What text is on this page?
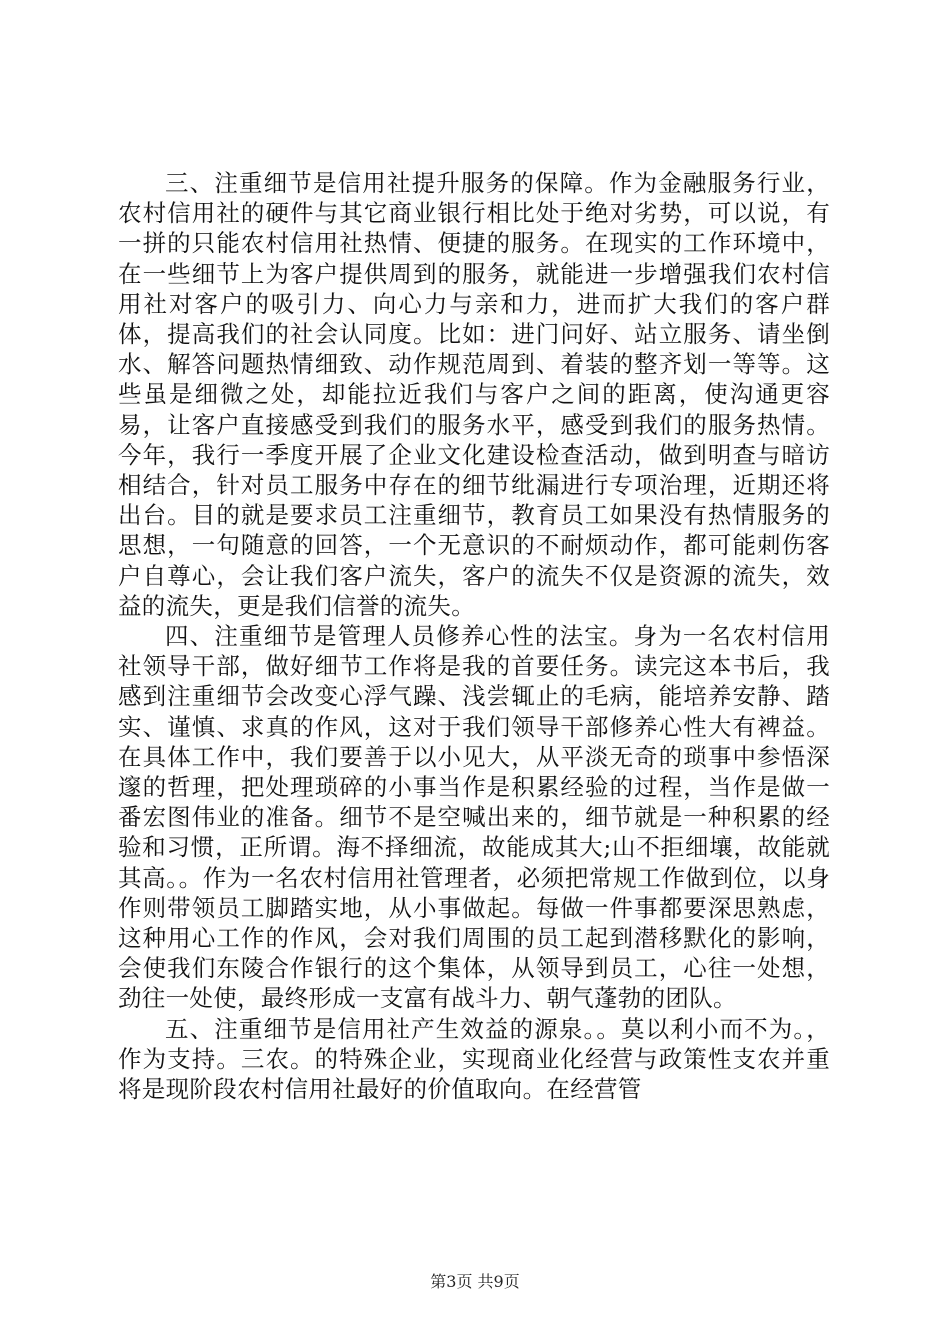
三、注重细节是信用社提升服务的保障。作为金融服务行业，农村信用社的硬件与其它商业银行相比处于绝对劣势，可以说，有一拼的只能农村信用社热情、便捷的服务。在现实的工作环境中，在一些细节上为客户提供周到的服务，就能进一步增强我们农村信用社对客户的吸引力、向心力与亲和力，进而扩大我们的客户群体，提高我们的社会认同度。比如：进门问好、站立服务、请坐倒水、解答问题热情细致、动作规范周到、着装的整齐划一等等。这些虽是细微之处，却能拉近我们与客户之间的距离，使沟通更容易，让客户直接感受到我们的服务水平，感受到我们的服务热情。今年，我行一季度开展了企业文化建设检查活动，做到明查与暗访相结合，针对员工服务中存在的细节纰漏进行专项治理，近期还将出台。目的就是要求员工注重细节，教育员工如果没有热情服务的思想，一句随意的回答，一个无意识的不耐烦动作，都可能刺伤客户自尊心，会让我们客户流失，客户的流失不仅是资源的流失，效益的流失，更是我们信誉的流失。

四、注重细节是管理人员修养心性的法宝。身为一名农村信用社领导干部，做好细节工作将是我的首要任务。读完这本书后，我感到注重细节会改变心浮气躁、浅尝辄止的毛病，能培养安静、踏实、谨慎、求真的作风，这对于我们领导干部修养心性大有裨益。在具体工作中，我们要善于以小见大，从平淡无奇的琐事中参悟深邃的哲理，把处理琐碎的小事当作是积累经验的过程，当作是做一番宏图伟业的准备。细节不是空喊出来的，细节就是一种积累的经验和习惯，正所谓。海不择细流，故能成其大;山不拒细壤，故能就其高。。作为一名农村信用社管理者，必须把常规工作做到位，以身作则带领员工脚踏实地，从小事做起。每做一件事都要深思熟虑，这种用心工作的作风，会对我们周围的员工起到潜移默化的影响，会使我们东陵合作银行的这个集体，从领导到员工，心往一处想，劲往一处使，最终形成一支富有战斗力、朝气蓬勃的团队。

五、注重细节是信用社产生效益的源泉。。莫以利小而不为。，作为支持。三农。的特殊企业，实现商业化经营与政策性支农并重将是现阶段农村信用社最好的价值取向。在经营管

第3页 共9页
